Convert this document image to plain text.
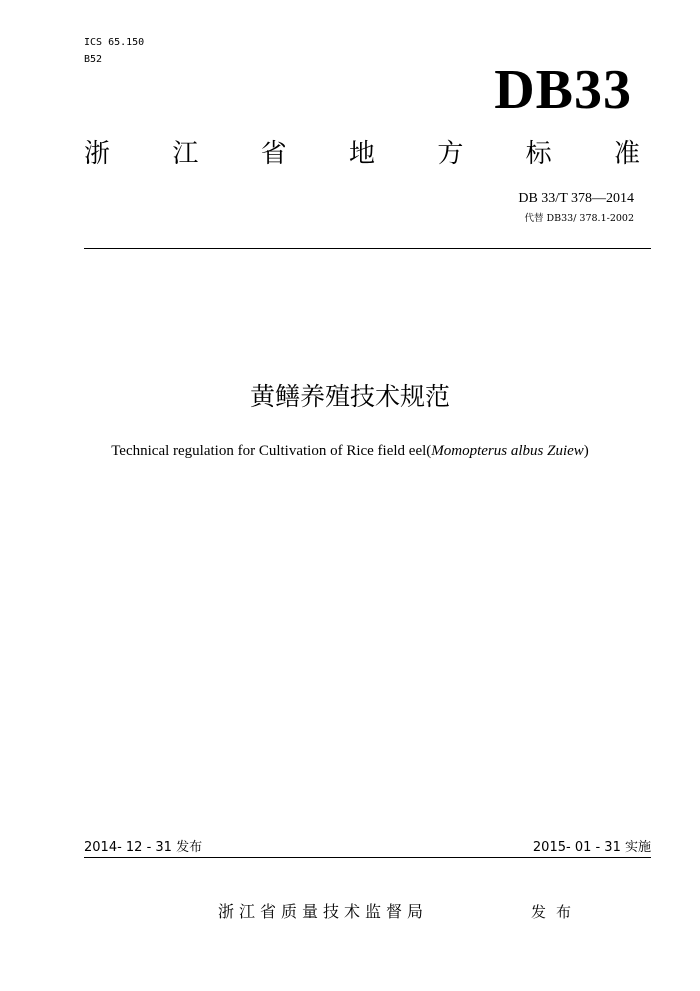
ICS 65.150
B52	DB33
浙 江 省 地 方 标 准
DB 33/T 378—2014
代替 DB33/ 378.1-2002
黄鳝养殖技术规范
Technical regulation for Cultivation of Rice field eel(Momopterus albus Zuiew)
2014- 12 - 31 发布	2015- 01 - 31 实施
浙江省质量技术监督局	发布
